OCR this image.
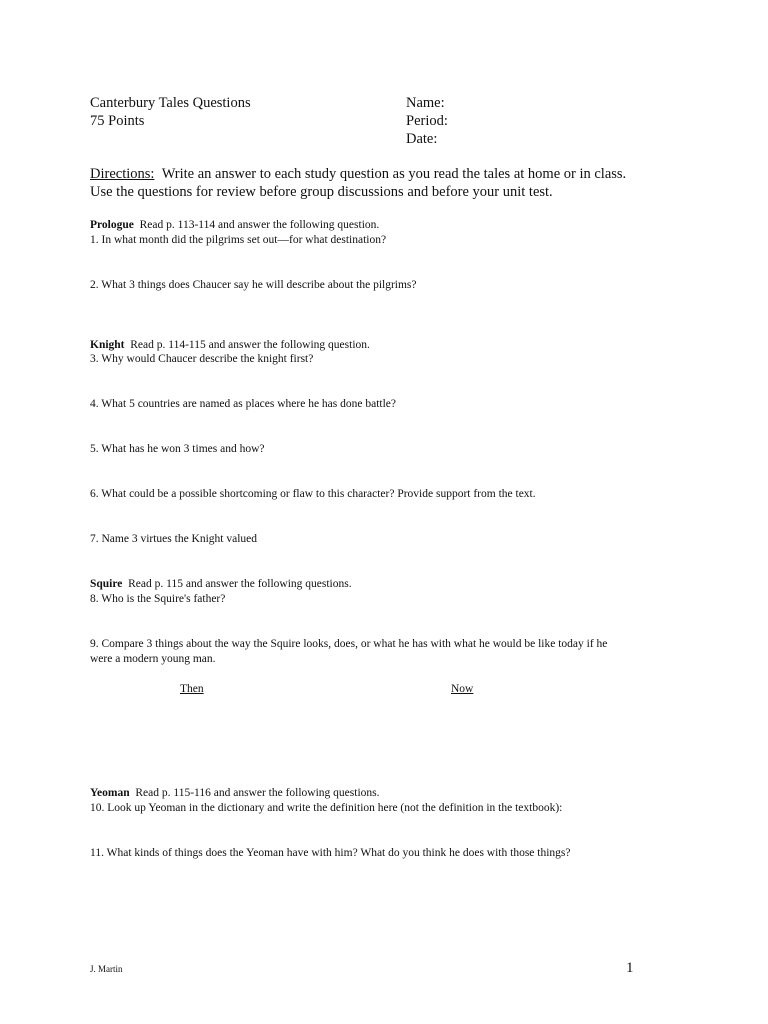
Canterbury Tales Questions
75 Points
Name:
Period:
Date:
Directions: Write an answer to each study question as you read the tales at home or in class.
Use the questions for review before group discussions and before your unit test.
Prologue Read p. 113-114 and answer the following question.
1. In what month did the pilgrims set out—for what destination?
2. What 3 things does Chaucer say he will describe about the pilgrims?
Knight Read p. 114-115 and answer the following question.
3. Why would Chaucer describe the knight first?
4. What 5 countries are named as places where he has done battle?
5. What has he won 3 times and how?
6. What could be a possible shortcoming or flaw to this character? Provide support from the text.
7. Name 3 virtues the Knight valued
Squire Read p. 115 and answer the following questions.
8. Who is the Squire's father?
9. Compare 3 things about the way the Squire looks, does, or what he has with what he would be like today if he
were a modern young man.
Then	Now
Yeoman Read p. 115-116 and answer the following questions.
10. Look up Yeoman in the dictionary and write the definition here (not the definition in the textbook):
11. What kinds of things does the Yeoman have with him? What do you think he does with those things?
J. Martin	1
